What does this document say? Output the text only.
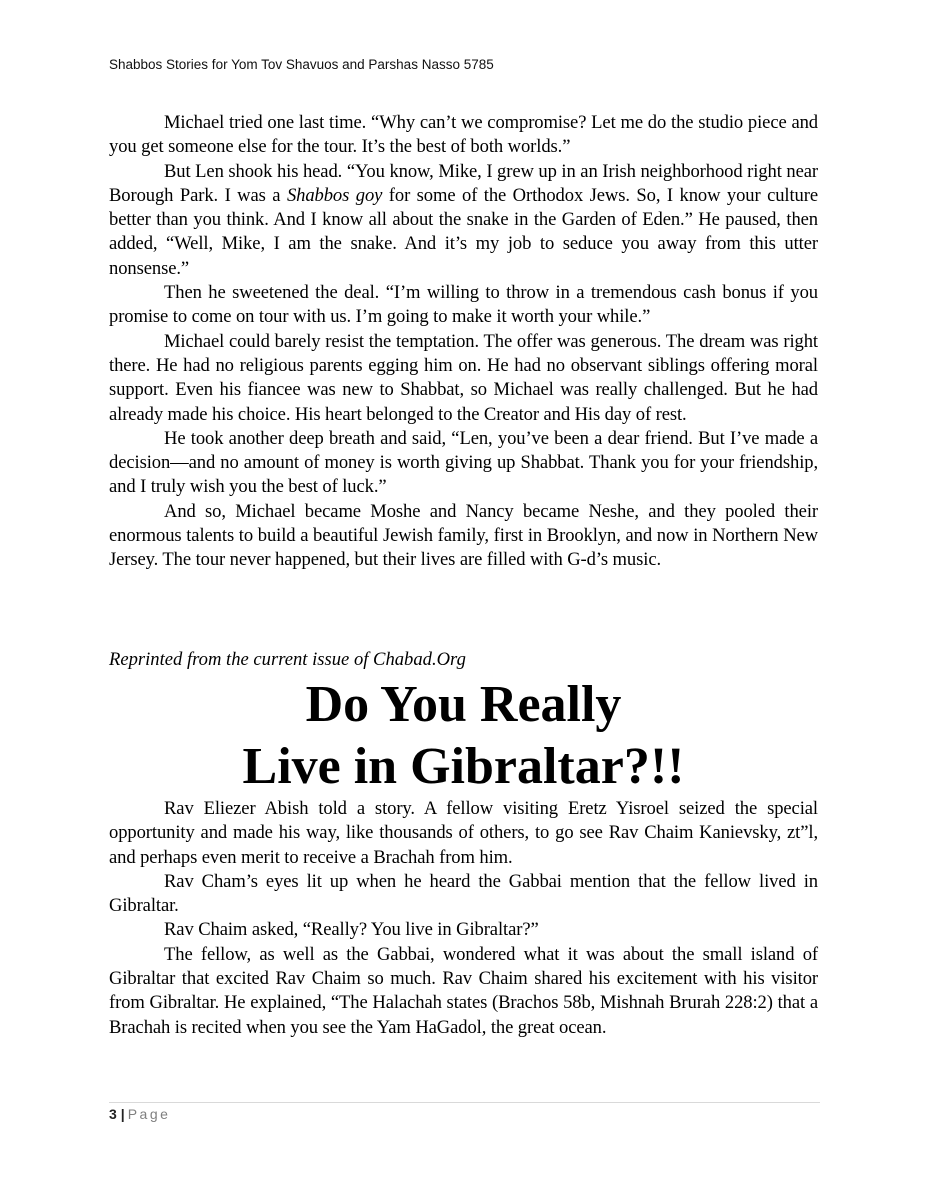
Shabbos Stories for Yom Tov Shavuos and Parshas Nasso 5785

Michael tried one last time. “Why can’t we compromise? Let me do the studio piece and you get someone else for the tour. It’s the best of both worlds.”

But Len shook his head. “You know, Mike, I grew up in an Irish neighborhood right near Borough Park. I was a Shabbos goy for some of the Orthodox Jews. So, I know your culture better than you think. And I know all about the snake in the Garden of Eden.” He paused, then added, “Well, Mike, I am the snake. And it’s my job to seduce you away from this utter nonsense.”

Then he sweetened the deal. “I’m willing to throw in a tremendous cash bonus if you promise to come on tour with us. I’m going to make it worth your while.”

Michael could barely resist the temptation. The offer was generous. The dream was right there. He had no religious parents egging him on. He had no observant siblings offering moral support. Even his fiancee was new to Shabbat, so Michael was really challenged. But he had already made his choice. His heart belonged to the Creator and His day of rest.

He took another deep breath and said, “Len, you’ve been a dear friend. But I’ve made a decision—and no amount of money is worth giving up Shabbat. Thank you for your friendship, and I truly wish you the best of luck.”

And so, Michael became Moshe and Nancy became Neshe, and they pooled their enormous talents to build a beautiful Jewish family, first in Brooklyn, and now in Northern New Jersey. The tour never happened, but their lives are filled with G-d’s music.

Reprinted from the current issue of Chabad.Org
Do You Really
Live in Gibraltar?!!

Rav Eliezer Abish told a story. A fellow visiting Eretz Yisroel seized the special opportunity and made his way, like thousands of others, to go see Rav Chaim Kanievsky, zt”l, and perhaps even merit to receive a Brachah from him.

Rav Cham’s eyes lit up when he heard the Gabbai mention that the fellow lived in Gibraltar.

Rav Chaim asked, “Really? You live in Gibraltar?”

The fellow, as well as the Gabbai, wondered what it was about the small island of Gibraltar that excited Rav Chaim so much. Rav Chaim shared his excitement with his visitor from Gibraltar. He explained, “The Halachah states (Brachos 58b, Mishnah Brurah 228:2) that a Brachah is recited when you see the Yam HaGadol, the great ocean.

3 | Page
